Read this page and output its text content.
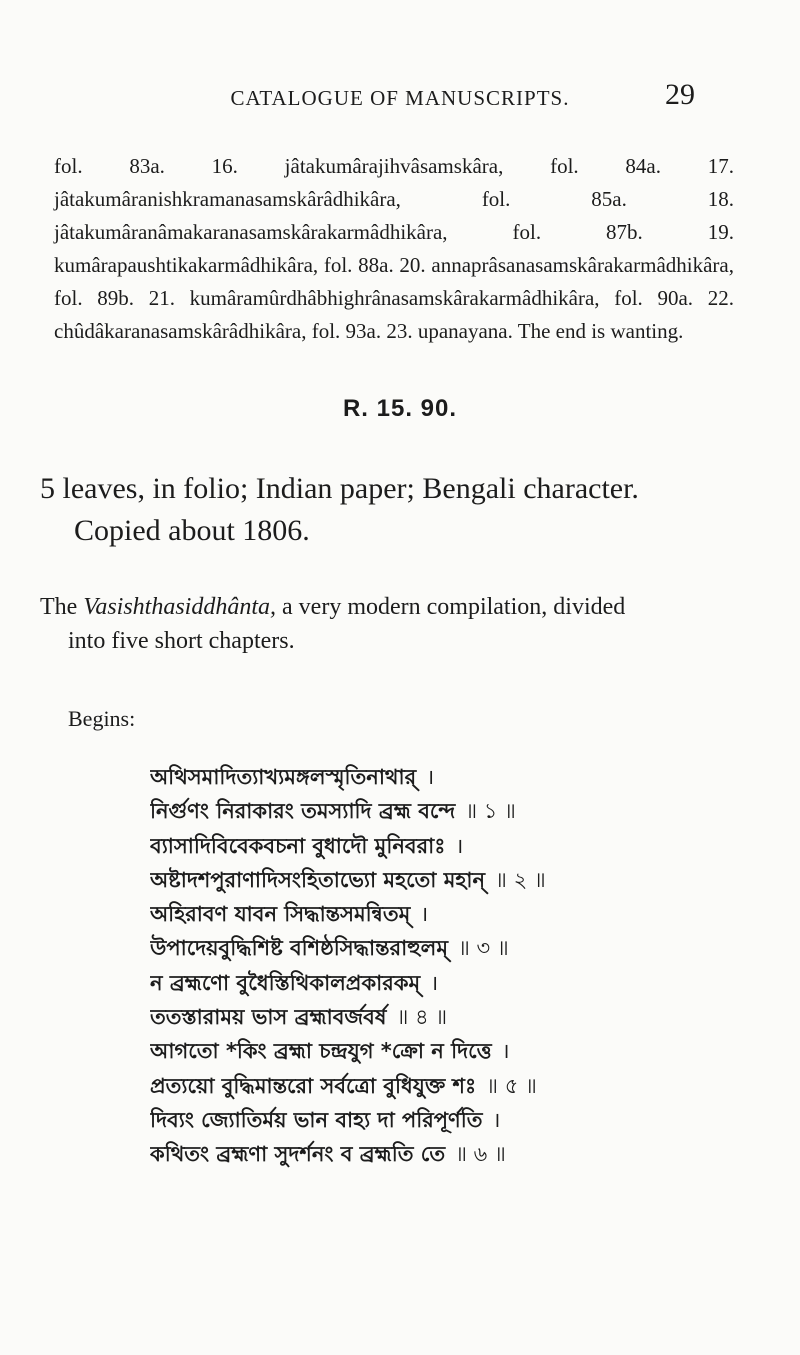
CATALOGUE OF MANUSCRIPTS.	29
fol. 83a. 16. jâtakumârajihvâsamskâra, fol. 84a. 17. jâtakumâranishkramanasamskârâdhikâra, fol. 85a. 18. jâtakumâranâmakaranasamskârakarmâdhikâra, fol. 87b. 19. kumârapaushtikakarmâdhikâra, fol. 88a. 20. annaprâsanasamskârakarmâdhikâra, fol. 89b. 21. kumâramûrdhâbhighrânasamskârakarmâdhikâra, fol. 90a. 22. chûdâkaranasamskârâdhikâra, fol. 93a. 23. upanayana. The end is wanting.
R. 15. 90.
5 leaves, in folio; Indian paper; Bengali character.
Copied about 1806.
The Vasishthasiddhânta, a very modern compilation, divided
into five short chapters.
Begins:
অথিসমাদিত্যাখ্যমঙ্গলস্মৃতিনাথার্ ।
নির্গুণং নিরাকারং তমস্যাদি ব্রহ্ম বন্দে ॥ ১ ॥
ব্যাসাদিবিবেকবচনা বুধাদৌ মুনিবরাঃ ।
অষ্টাদশপুরাণাদিসংহিতাভ্যো মহতো মহান্ ॥ ২ ॥
অহিরাবণ যাবন সিদ্ধান্তসমন্বিতম্ ।
উপাদেয়বুদ্ধিশিষ্ট বশিষ্ঠসিদ্ধান্তরাহুলম্ ॥ ৩ ॥
ন ব্রহ্মণো বুধৈস্তিথিকালপ্রকারকম্ ।
ততস্তারাময় ভাস ব্রহ্মাবর্জবর্ষ ॥ ৪ ॥
আগতো *কিং ব্রহ্মা চন্দ্রযুগ *ক্রো ন দিত্তে ।
প্রত্যয়ো বুদ্ধিমান্তরো সর্বত্রো বুধিযুক্ত শঃ ॥ ৫ ॥
দিব্যং জ্যোতির্ময় ভান বাহ্য দা পরিপূর্ণতি ।
কথিতং ব্রহ্মণা সুদর্শনং ব ব্রহ্মতি তে ॥ ৬ ॥
